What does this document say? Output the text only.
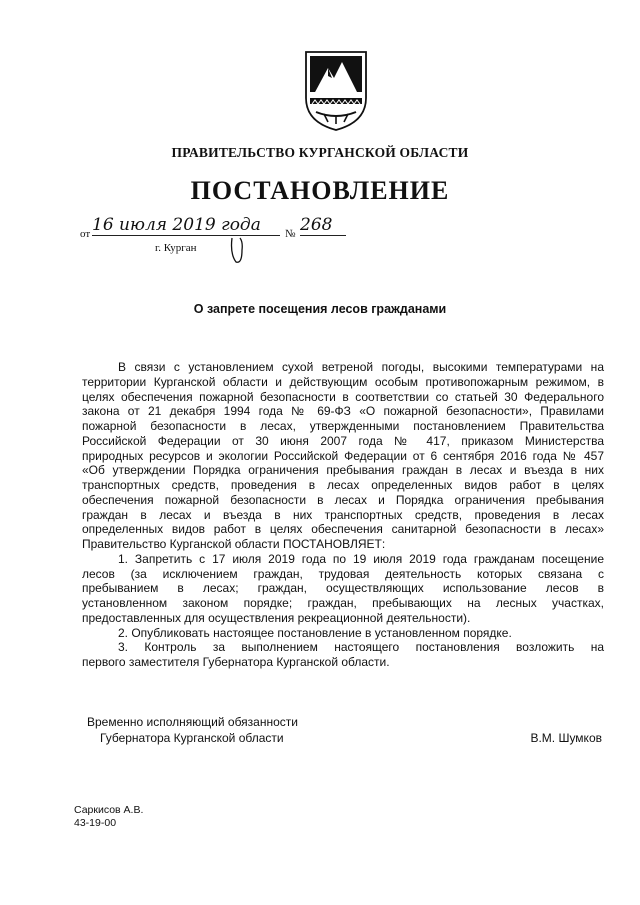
ПРАВИТЕЛЬСТВО КУРГАНСКОЙ ОБЛАСТИ
ПОСТАНОВЛЕНИЕ
от 16 июля 2019 года	№ 268
г. Курган
О запрете посещения лесов гражданами

В связи с установлением сухой ветреной погоды, высокими температурами на

территории Курганской области и действующим особым противопожарным режимом, в

целях обеспечения пожарной безопасности в соответствии со статьей 30 Федерального

закона от 21 декабря 1994 года № 69-ФЗ «О пожарной безопасности», Правилами

пожарной безопасности в лесах, утвержденными постановлением Правительства

Российской Федерации от 30 июня 2007 года № 417, приказом Министерства

природных ресурсов и экологии Российской Федерации от 6 сентября 2016 года № 457

«Об утверждении Порядка ограничения пребывания граждан в лесах и въезда в них

транспортных средств, проведения в лесах определенных видов работ в целях

обеспечения пожарной безопасности в лесах и Порядка ограничения пребывания

граждан в лесах и въезда в них транспортных средств, проведения в лесах

определенных видов работ в целях обеспечения санитарной безопасности в лесах»

Правительство Курганской области ПОСТАНОВЛЯЕТ:

1. Запретить с 17 июля 2019 года по 19 июля 2019 года гражданам посещение

лесов (за исключением граждан, трудовая деятельность которых связана с

пребыванием в лесах; граждан, осуществляющих использование лесов в

установленном законом порядке; граждан, пребывающих на лесных участках,

предоставленных для осуществления рекреационной деятельности).

2. Опубликовать настоящее постановление в установленном порядке.

3. Контроль за выполнением настоящего постановления возложить на

первого заместителя Губернатора Курганской области.

Временно исполняющий обязанности
Губернатора Курганской области	В.М. Шумков
Саркисов А.В.
43-19-00
